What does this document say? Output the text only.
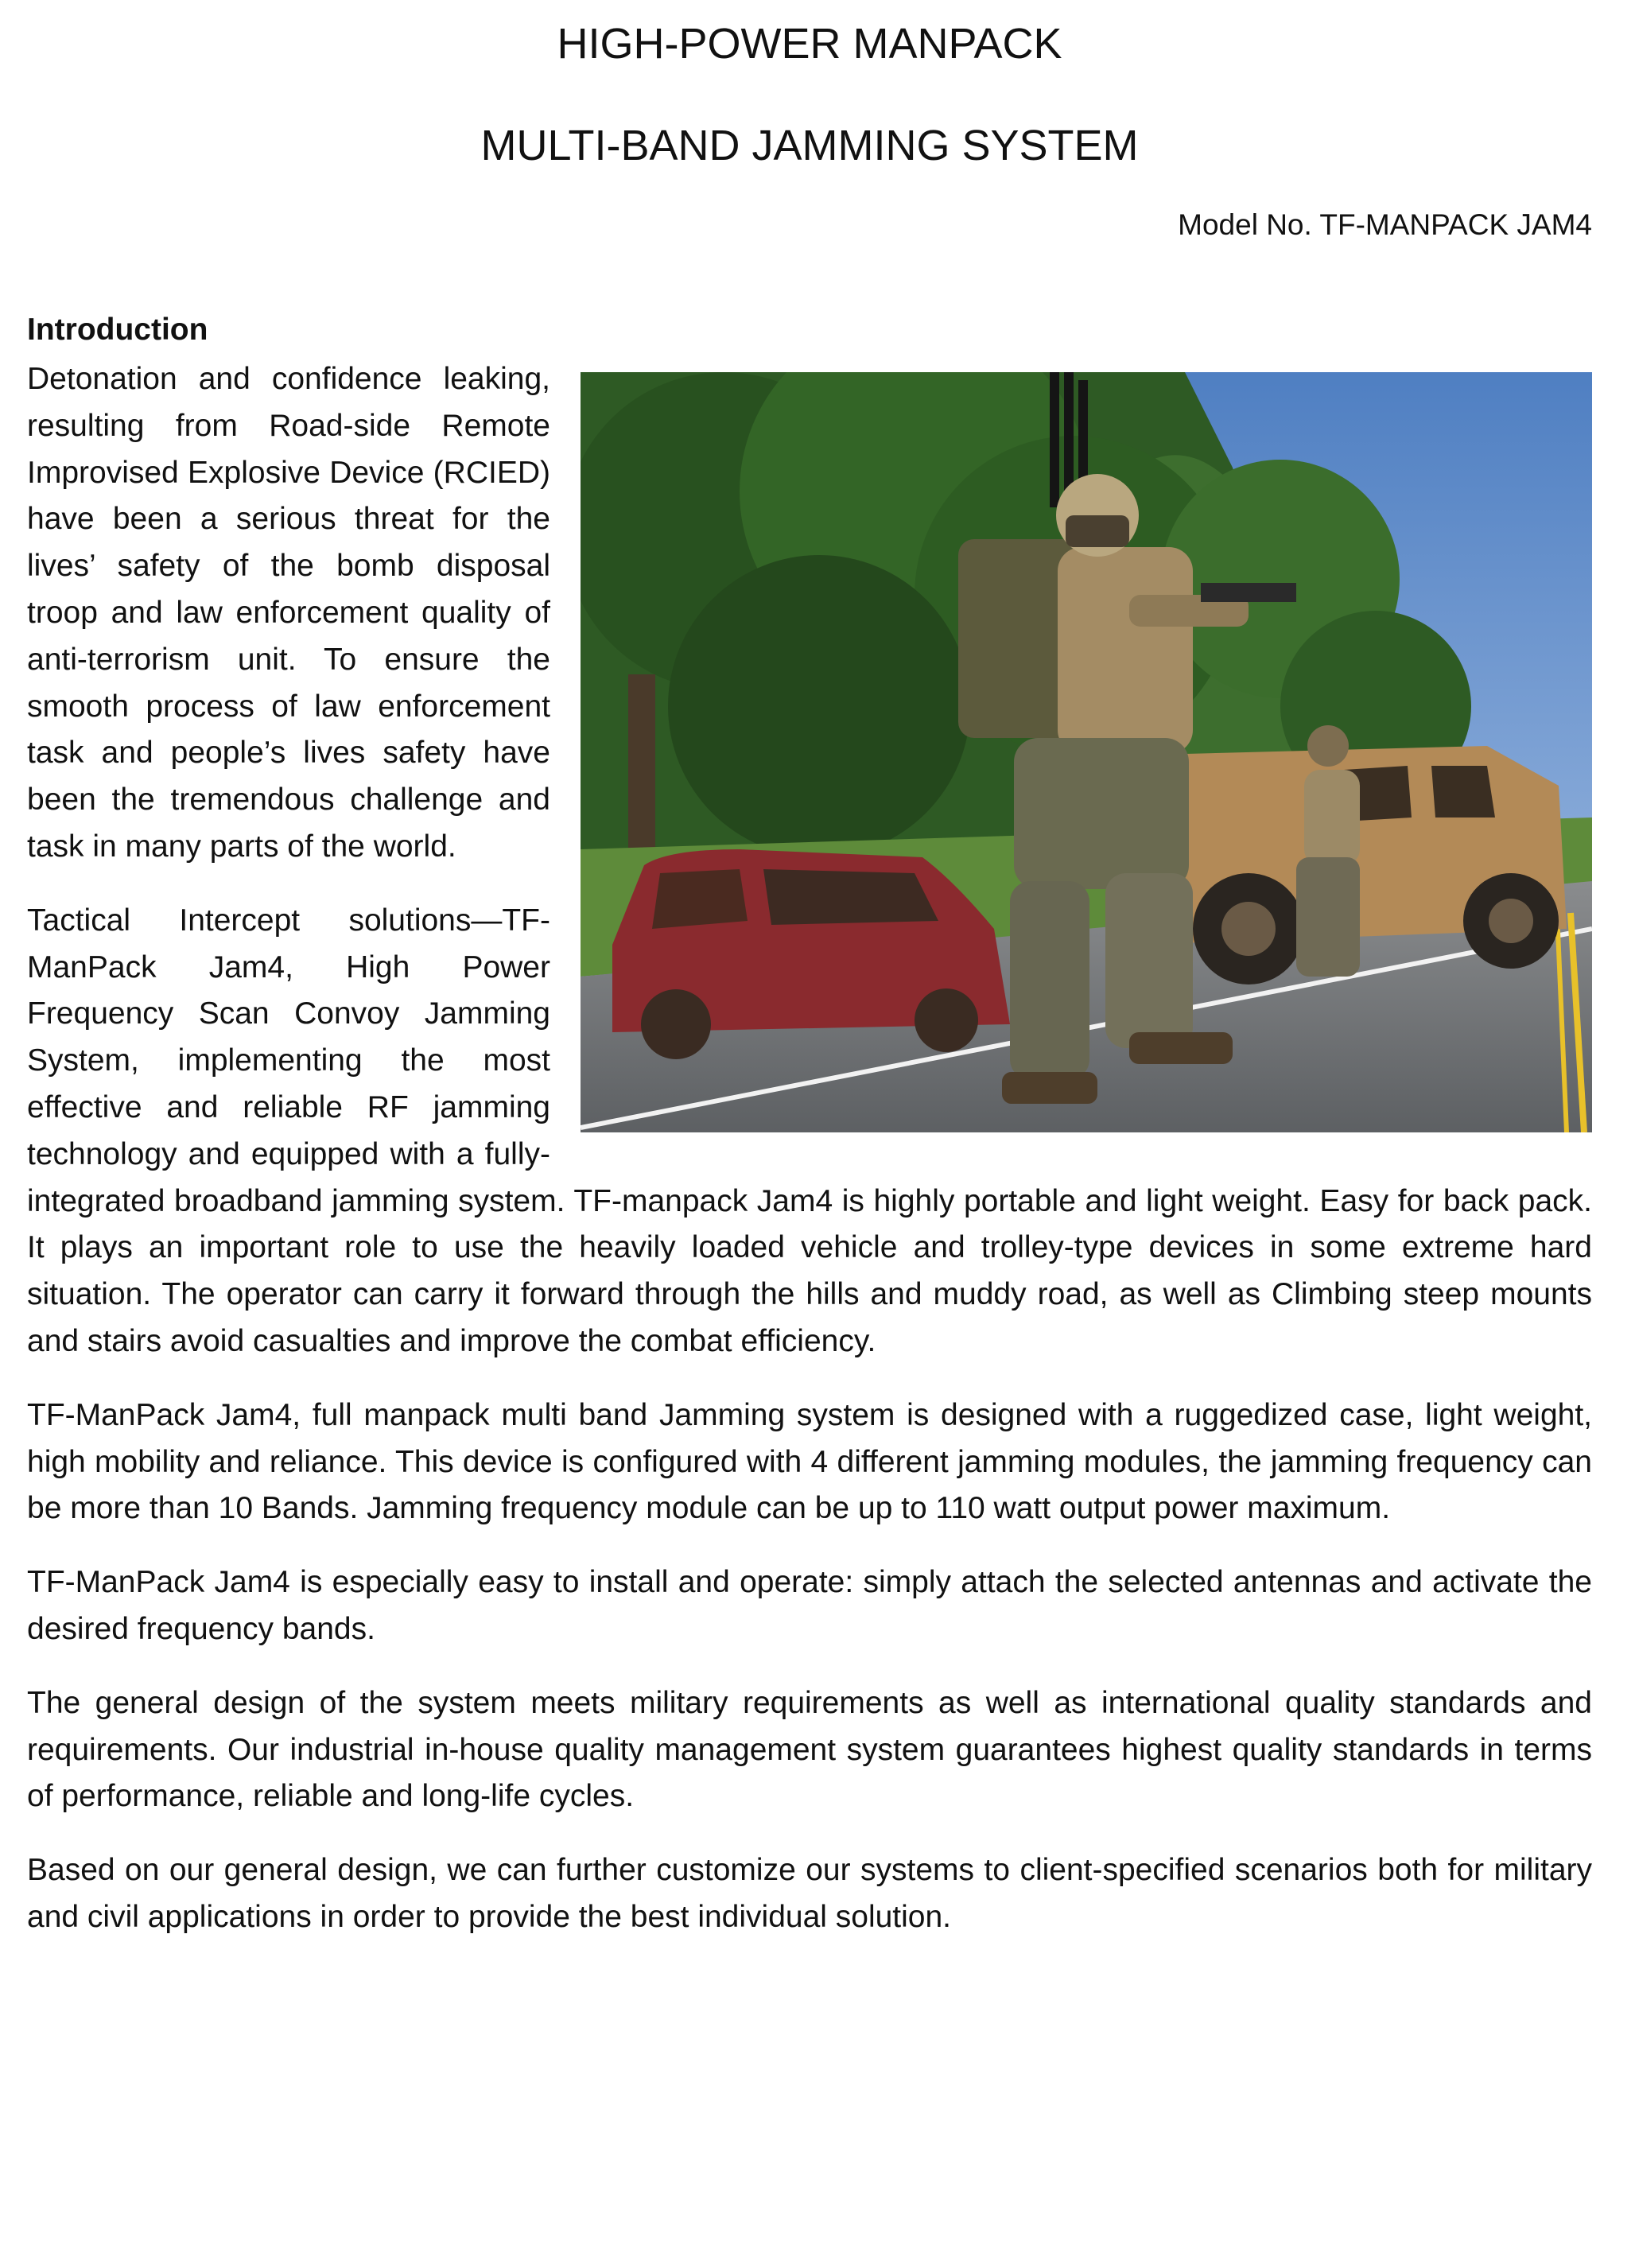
HIGH-POWER MANPACK
MULTI-BAND JAMMING SYSTEM
Model No. TF-MANPACK JAM4
Introduction

Detonation and confidence leaking, resulting from Road-side Remote Improvised Explosive Device (RCIED) have been a serious threat for the lives’ safety of the bomb disposal troop and law enforcement quality of anti-terrorism unit. To ensure the smooth process of law enforcement task and people’s lives safety have been the tremendous challenge and task in many parts of the world.

Tactical Intercept solutions—TF-ManPack Jam4, High Power Frequency Scan Convoy Jamming System, implementing the most effective and reliable RF jamming technology and equipped with a fully-integrated broadband jamming system. TF-manpack Jam4 is highly portable and light weight. Easy for back pack. It plays an important role to use the heavily loaded vehicle and trolley-type devices in some extreme hard situation. The operator can carry it forward through the hills and muddy road, as well as Climbing steep mounts and stairs avoid casualties and improve the combat efficiency.

TF-ManPack Jam4, full manpack multi band Jamming system is designed with a ruggedized case, light weight, high mobility and reliance. This device is configured with 4 different jamming modules, the jamming frequency can be more than 10 Bands. Jamming frequency module can be up to 110 watt output power maximum.

TF-ManPack Jam4 is especially easy to install and operate: simply attach the selected antennas and activate the desired frequency bands.

The general design of the system meets military requirements as well as international quality standards and requirements. Our industrial in-house quality management system guarantees highest quality standards in terms of performance, reliable and long-life cycles.

Based on our general design, we can further customize our systems to client-specified scenarios both for military and civil applications in order to provide the best individual solution.
